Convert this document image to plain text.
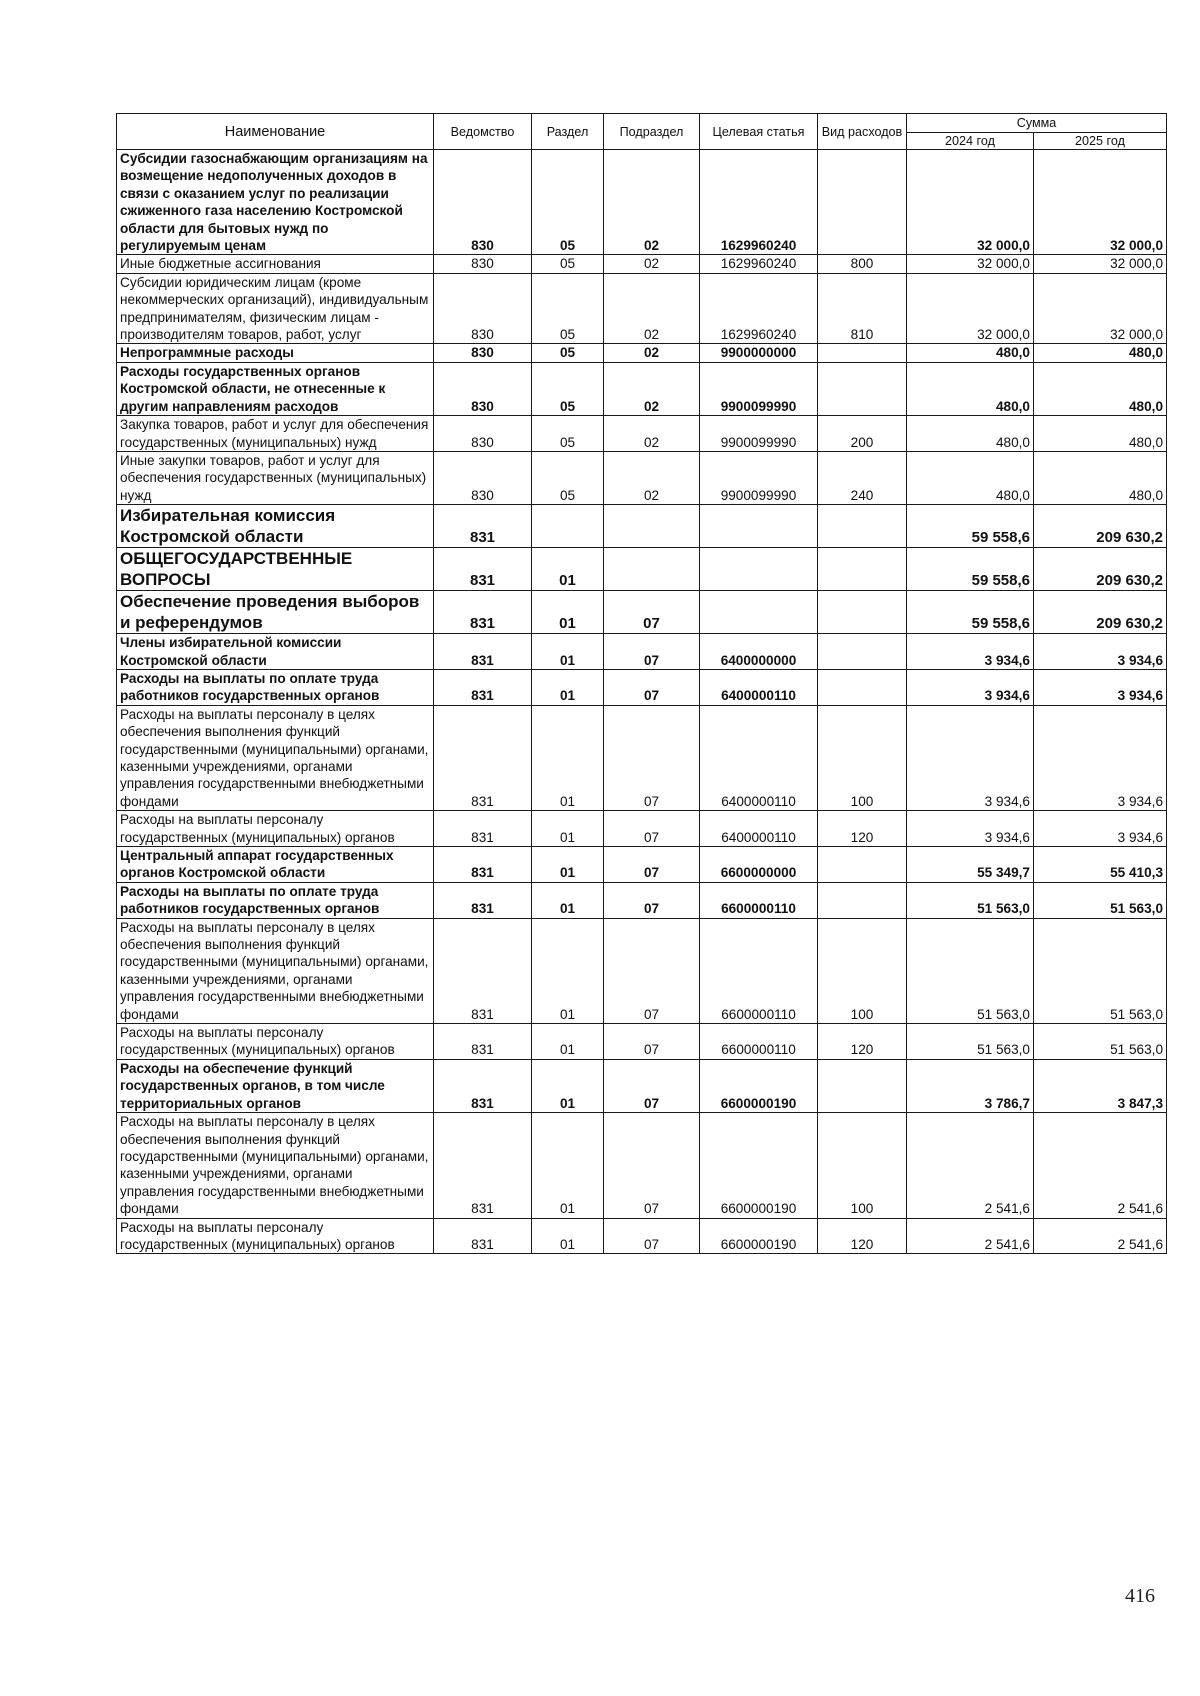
Наименование	Ведомство	Раздел	Подраздел	Целевая статья	Вид расходов	Сумма	
						2024 год	2025 год
Субсидии газоснабжающим организациям на возмещение недополученных доходов в связи с оказанием услуг по реализации сжиженного газа населению Костромской области для бытовых нужд по регулируемым ценам	830	05	02	1629960240		32 000,0	32 000,0
Иные бюджетные ассигнования	830	05	02	1629960240	800	32 000,0	32 000,0
Субсидии юридическим лицам (кроме некоммерческих организаций), индивидуальным предпринимателям, физическим лицам - производителям товаров, работ, услуг	830	05	02	1629960240	810	32 000,0	32 000,0
Непрограммные расходы	830	05	02	9900000000		480,0	480,0
Расходы государственных органов Костромской области, не отнесенные к другим направлениям расходов	830	05	02	9900099990		480,0	480,0
Закупка товаров, работ и услуг для обеспечения государственных (муниципальных) нужд	830	05	02	9900099990	200	480,0	480,0
Иные закупки товаров, работ и услуг для обеспечения государственных (муниципальных) нужд	830	05	02	9900099990	240	480,0	480,0
Избирательная комиссия Костромской области	831					59 558,6	209 630,2
ОБЩЕГОСУДАРСТВЕННЫЕ ВОПРОСЫ	831	01				59 558,6	209 630,2
Обеспечение проведения выборов и референдумов	831	01	07			59 558,6	209 630,2
Члены избирательной комиссии Костромской области	831	01	07	6400000000		3 934,6	3 934,6
Расходы на выплаты по оплате труда работников государственных органов	831	01	07	6400000110		3 934,6	3 934,6
Расходы на выплаты персоналу в целях обеспечения выполнения функций государственными (муниципальными) органами, казенными учреждениями, органами управления государственными внебюджетными фондами	831	01	07	6400000110	100	3 934,6	3 934,6
Расходы на выплаты персоналу государственных (муниципальных) органов	831	01	07	6400000110	120	3 934,6	3 934,6
Центральный аппарат государственных органов Костромской области	831	01	07	6600000000		55 349,7	55 410,3
Расходы на выплаты по оплате труда работников государственных органов	831	01	07	6600000110		51 563,0	51 563,0
Расходы на выплаты персоналу в целях обеспечения выполнения функций государственными (муниципальными) органами, казенными учреждениями, органами управления государственными внебюджетными фондами	831	01	07	6600000110	100	51 563,0	51 563,0
Расходы на выплаты персоналу государственных (муниципальных) органов	831	01	07	6600000110	120	51 563,0	51 563,0
Расходы на обеспечение функций государственных органов, в том числе территориальных органов	831	01	07	6600000190		3 786,7	3 847,3
Расходы на выплаты персоналу в целях обеспечения выполнения функций государственными (муниципальными) органами, казенными учреждениями, органами управления государственными внебюджетными фондами	831	01	07	6600000190	100	2 541,6	2 541,6
Расходы на выплаты персоналу государственных (муниципальных) органов	831	01	07	6600000190	120	2 541,6	2 541,6
416
